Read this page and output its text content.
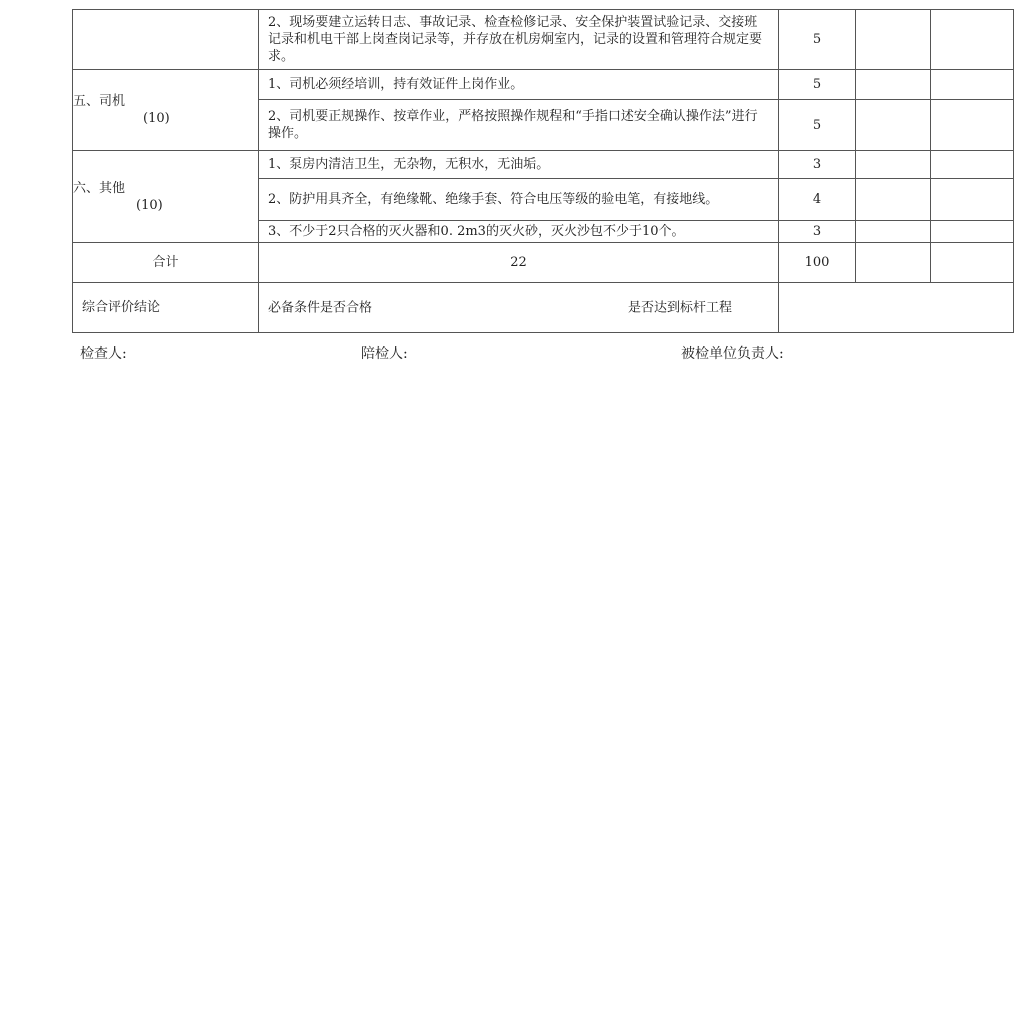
	2、现场要建立运转日志、事故记录、检查检修记录、安全保护装置试验记录、交接班记录和机电干部上岗查岗记录等，并存放在机房炯室内，记录的设置和管理符合规定要求。	5		

五、司机
(10)	1、司机必须经培训，持有效证件上岗作业。	5		
	2、司机要正规操作、按章作业，严格按照操作规程和“手指口述安全确认操作法”进行操作。	5		

六、其他
(10)	1、泵房内清洁卫生，无杂物，无积水，无油垢。	3		
	2、防护用具齐全，有绝缘靴、绝缘手套、符合电压等级的验电笔，有接地线。	4		
	3、不少于2只合格的灭火器和0. 2m3的灭火砂，灭火沙包不少于10个。	3		
合计	22	100		
综合评价结论	必备条件是否合格 是否达到标杆工程			

检查人:	陪检人:	被检单位负责人:
